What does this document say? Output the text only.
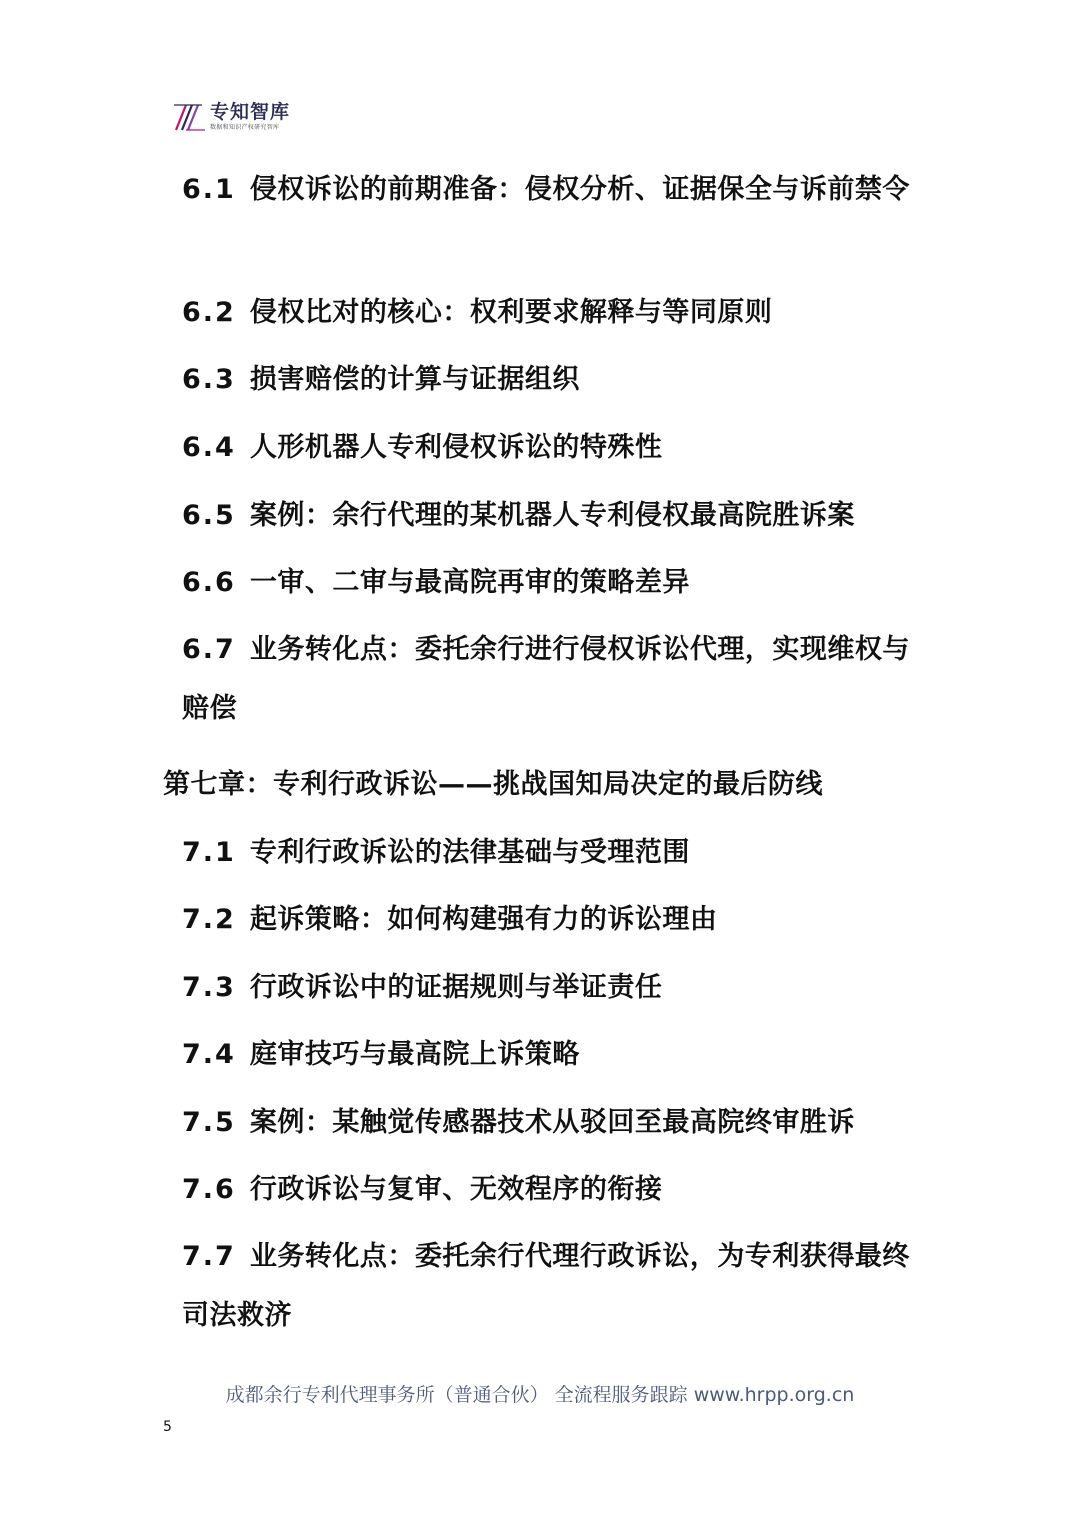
专知智库
数据和知识产权研究智库
6.1 侵权诉讼的前期准备：侵权分析、证据保全与诉前禁令
6.2 侵权比对的核心：权利要求解释与等同原则
6.3 损害赔偿的计算与证据组织
6.4 人形机器人专利侵权诉讼的特殊性
6.5 案例：余行代理的某机器人专利侵权最高院胜诉案
6.6 一审、二审与最高院再审的策略差异
6.7 业务转化点：委托余行进行侵权诉讼代理，实现维权与赔偿
第七章：专利行政诉讼——挑战国知局决定的最后防线
7.1 专利行政诉讼的法律基础与受理范围
7.2 起诉策略：如何构建强有力的诉讼理由
7.3 行政诉讼中的证据规则与举证责任
7.4 庭审技巧与最高院上诉策略
7.5 案例：某触觉传感器技术从驳回至最高院终审胜诉
7.6 行政诉讼与复审、无效程序的衔接
7.7 业务转化点：委托余行代理行政诉讼，为专利获得最终司法救济
成都余行专利代理事务所（普通合伙） 全流程服务跟踪 www.hrpp.org.cn
5
